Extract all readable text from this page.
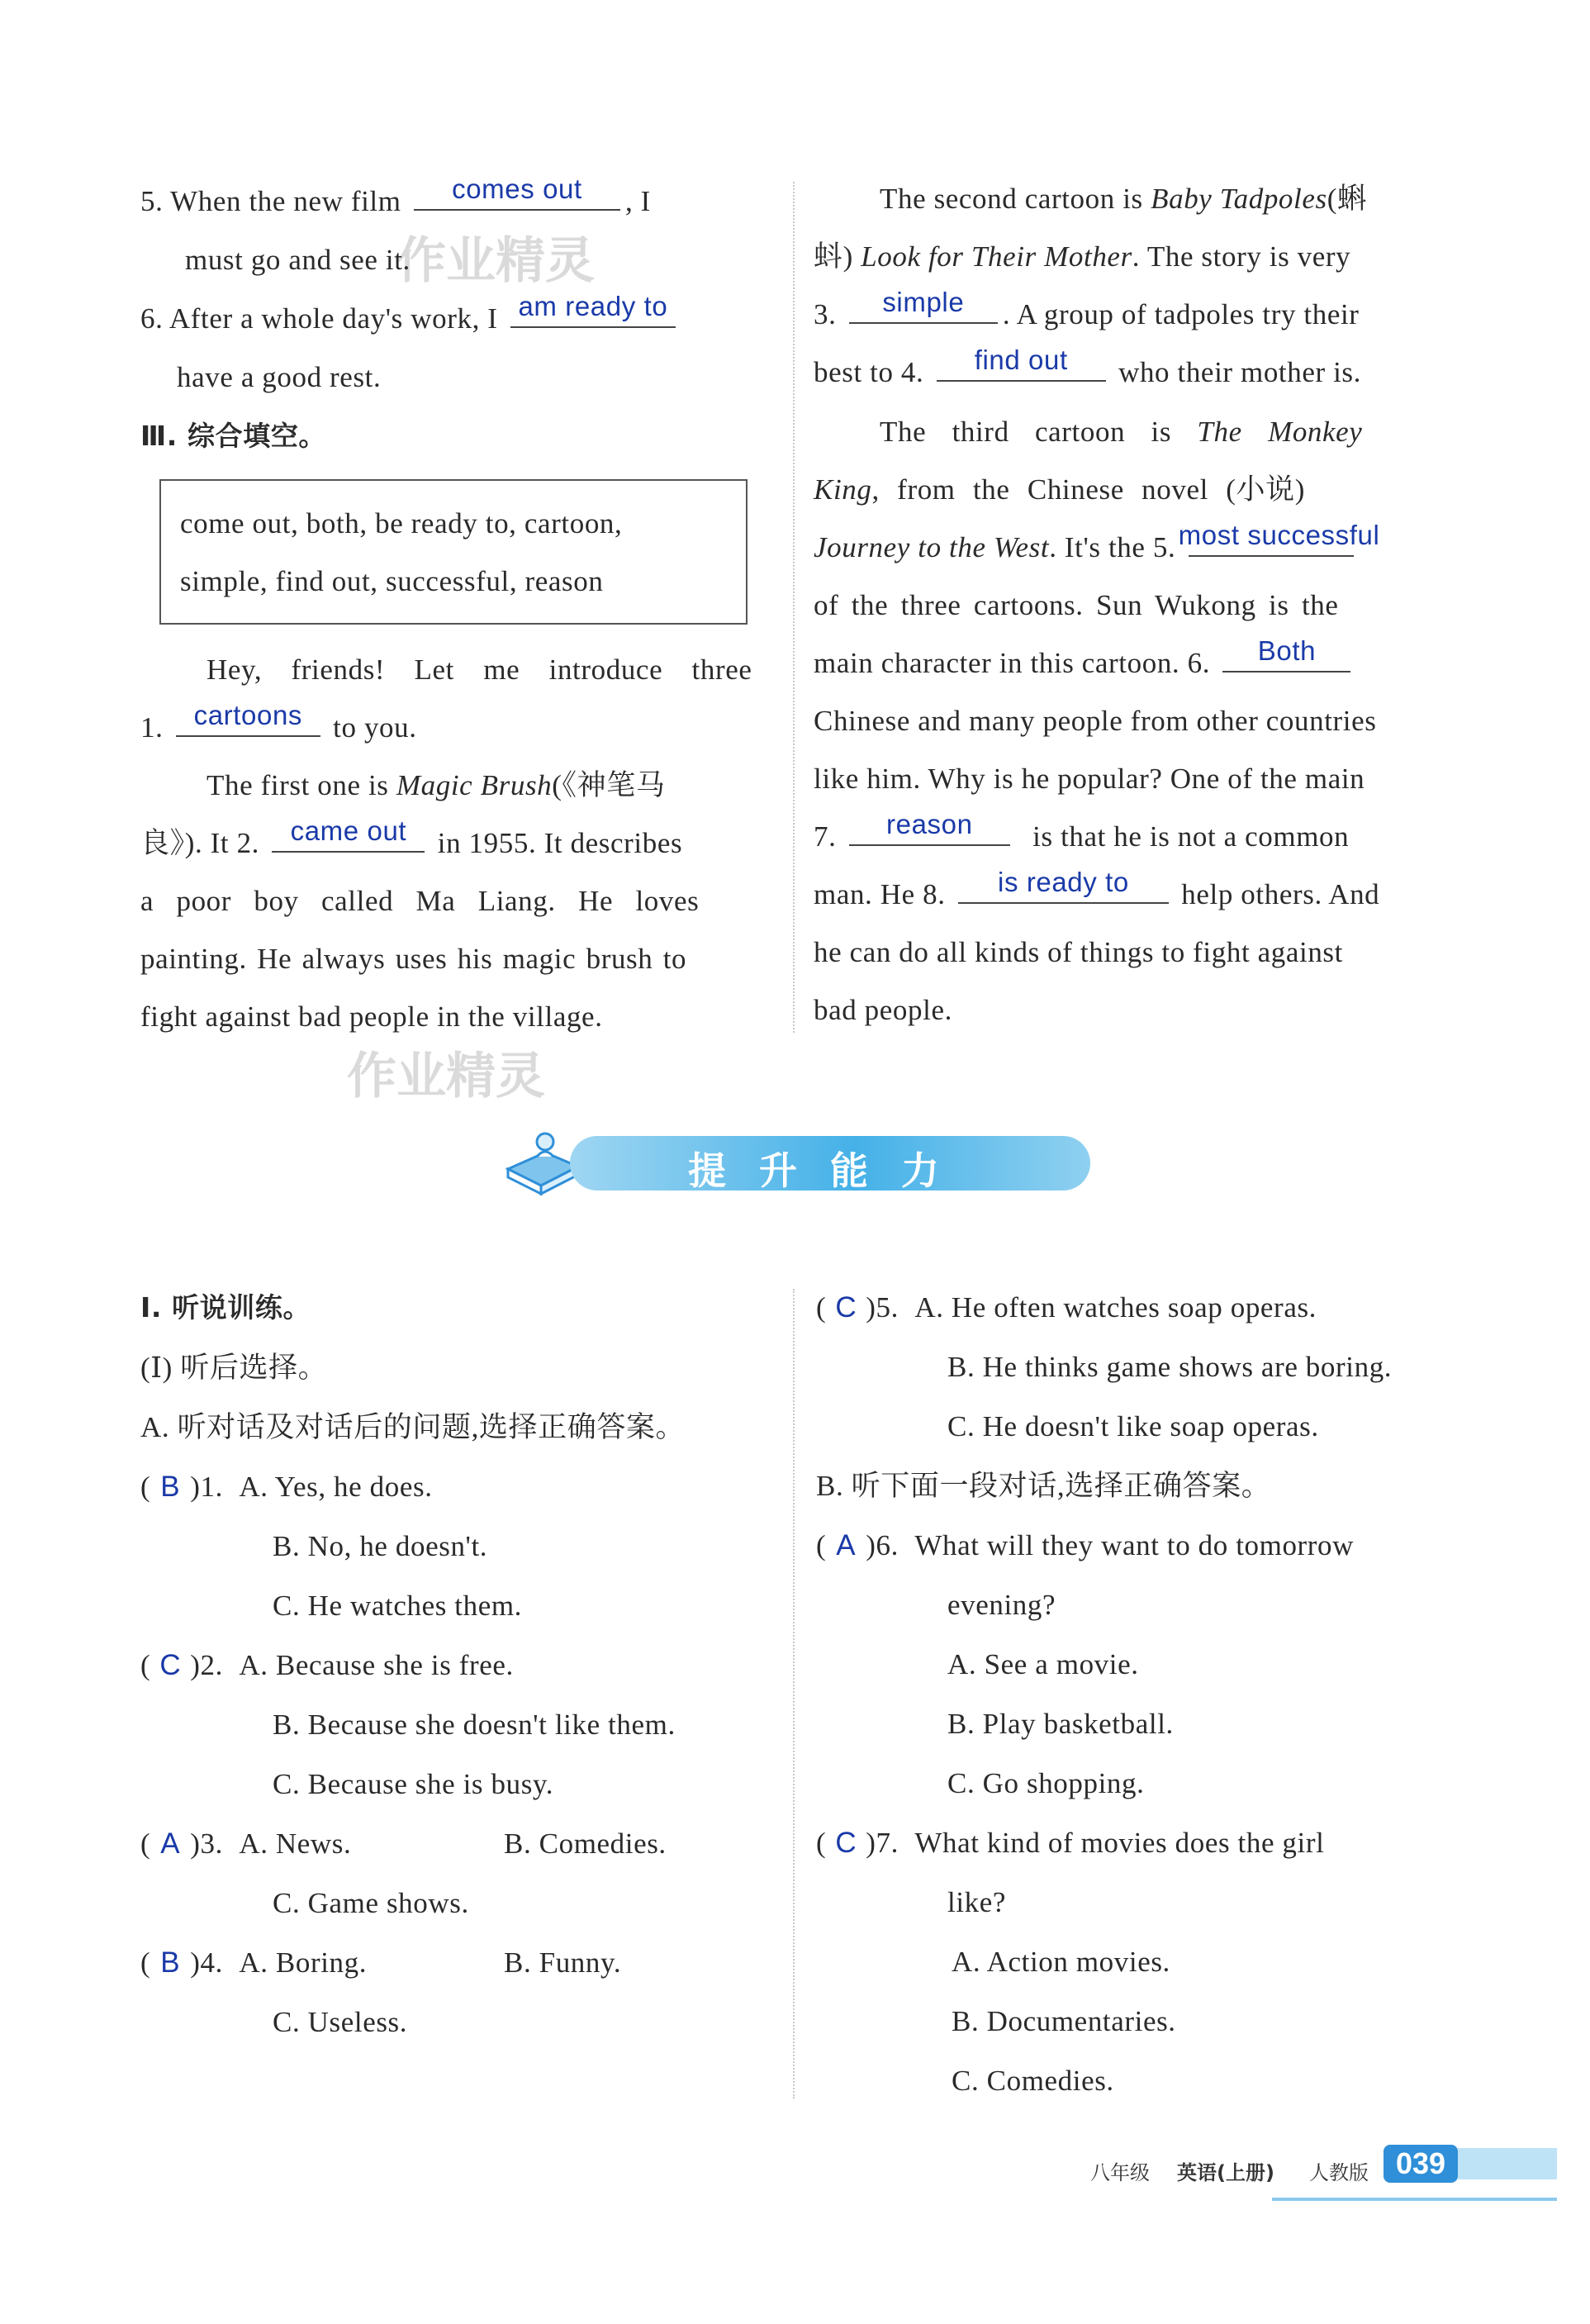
作业精灵
作业精灵
5. When the new film	comes out	, I
must go and see it.
6. After a whole day's work, I am ready to
have a good rest.
Ⅲ. 综合填空。
come out, both, be ready to, cartoon,
simple, find out, successful, reason
Hey, friends! Let me introduce three
1.	cartoons	to you.
The first one is Magic Brush(《神笔马
良》). It 2.	came out	in 1955. It describes
a poor boy called Ma Liang. He loves
painting. He always uses his magic brush to
fight against bad people in the village.
The second cartoon is Baby Tadpoles(蝌
蚪) Look for Their Mother. The story is very
3.	simple	. A group of tadpoles try their
best to 4.	find out	who their mother is.
The third cartoon is The Monkey
King, from the Chinese novel (小说)
Journey to the West. It's the 5. most successful
of the three cartoons. Sun Wukong is the
main character in this cartoon. 6.	Both
Chinese and many people from other countries
like him. Why is he popular? One of the main
7.	reason	is that he is not a common
man. He 8.	is ready to	help others. And
he can do all kinds of things to fight against
bad people.
提升能力
Ⅰ. 听说训练。
(Ⅰ) 听后选择。
A. 听对话及对话后的问题,选择正确答案。
( B )1. A. Yes, he does.
B. No, he doesn't.
C. He watches them.
( C )2. A. Because she is free.
B. Because she doesn't like them.
C. Because she is busy.
( A )3. A. News.	B. Comedies.
C. Game shows.
( B )4. A. Boring.	B. Funny.
C. Useless.
( C )5. A. He often watches soap operas.
B. He thinks game shows are boring.
C. He doesn't like soap operas.
B. 听下面一段对话,选择正确答案。
( A )6. What will they want to do tomorrow
evening?
A. See a movie.
B. Play basketball.
C. Go shopping.
( C )7. What kind of movies does the girl
like?
A. Action movies.
B. Documentaries.
C. Comedies.
八年级 英语(上册) 人教版 039
